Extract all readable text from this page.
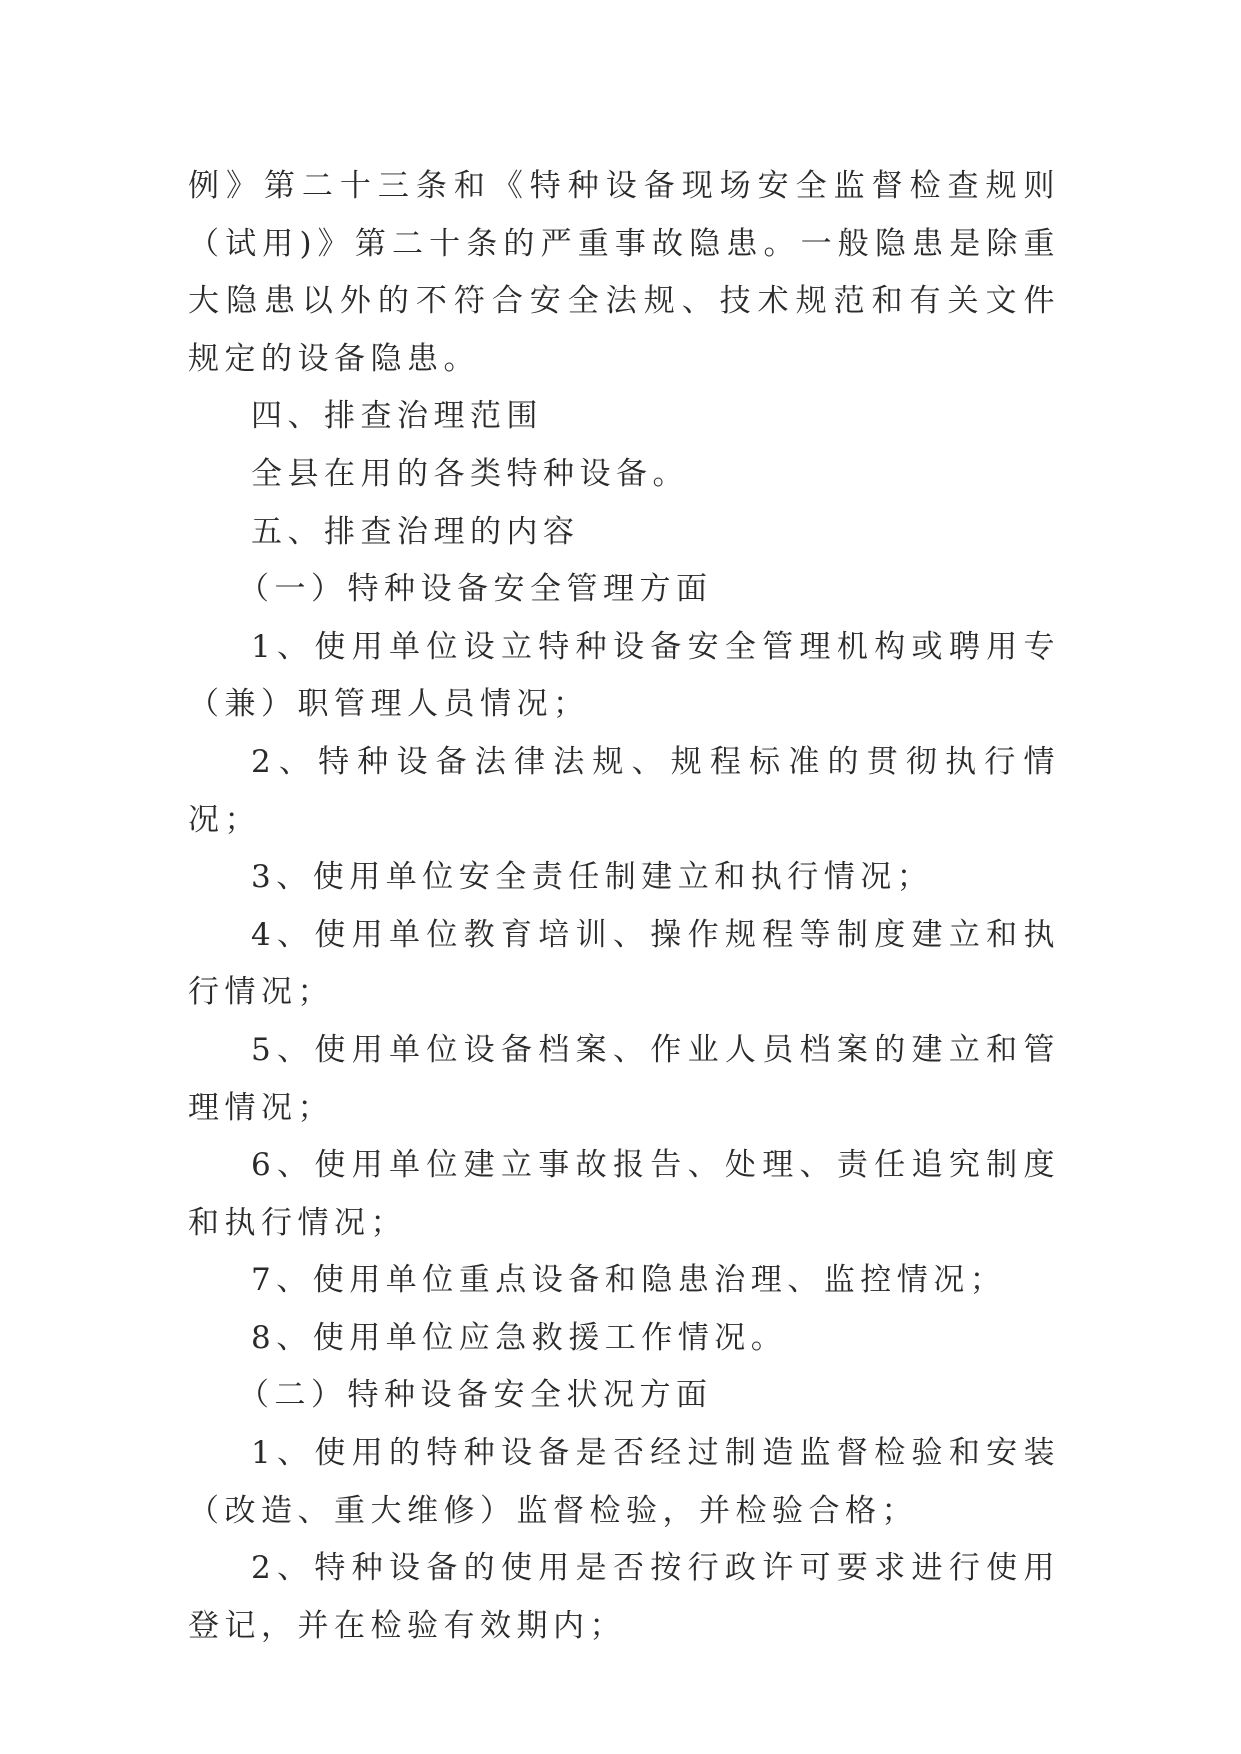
例》第二十三条和《特种设备现场安全监督检查规则（试用)》第二十条的严重事故隐患。一般隐患是除重大隐患以外的不符合安全法规、技术规范和有关文件规定的设备隐患。

四、排查治理范围

全县在用的各类特种设备。

五、排查治理的内容

（一）特种设备安全管理方面

1、使用单位设立特种设备安全管理机构或聘用专（兼）职管理人员情况；

2、特种设备法律法规、规程标准的贯彻执行情况；

3、使用单位安全责任制建立和执行情况；

4、使用单位教育培训、操作规程等制度建立和执行情况；

5、使用单位设备档案、作业人员档案的建立和管理情况；

6、使用单位建立事故报告、处理、责任追究制度和执行情况；

7、使用单位重点设备和隐患治理、监控情况；

8、使用单位应急救援工作情况。

（二）特种设备安全状况方面

1、使用的特种设备是否经过制造监督检验和安装（改造、重大维修）监督检验，并检验合格；

2、特种设备的使用是否按行政许可要求进行使用登记，并在检验有效期内；
